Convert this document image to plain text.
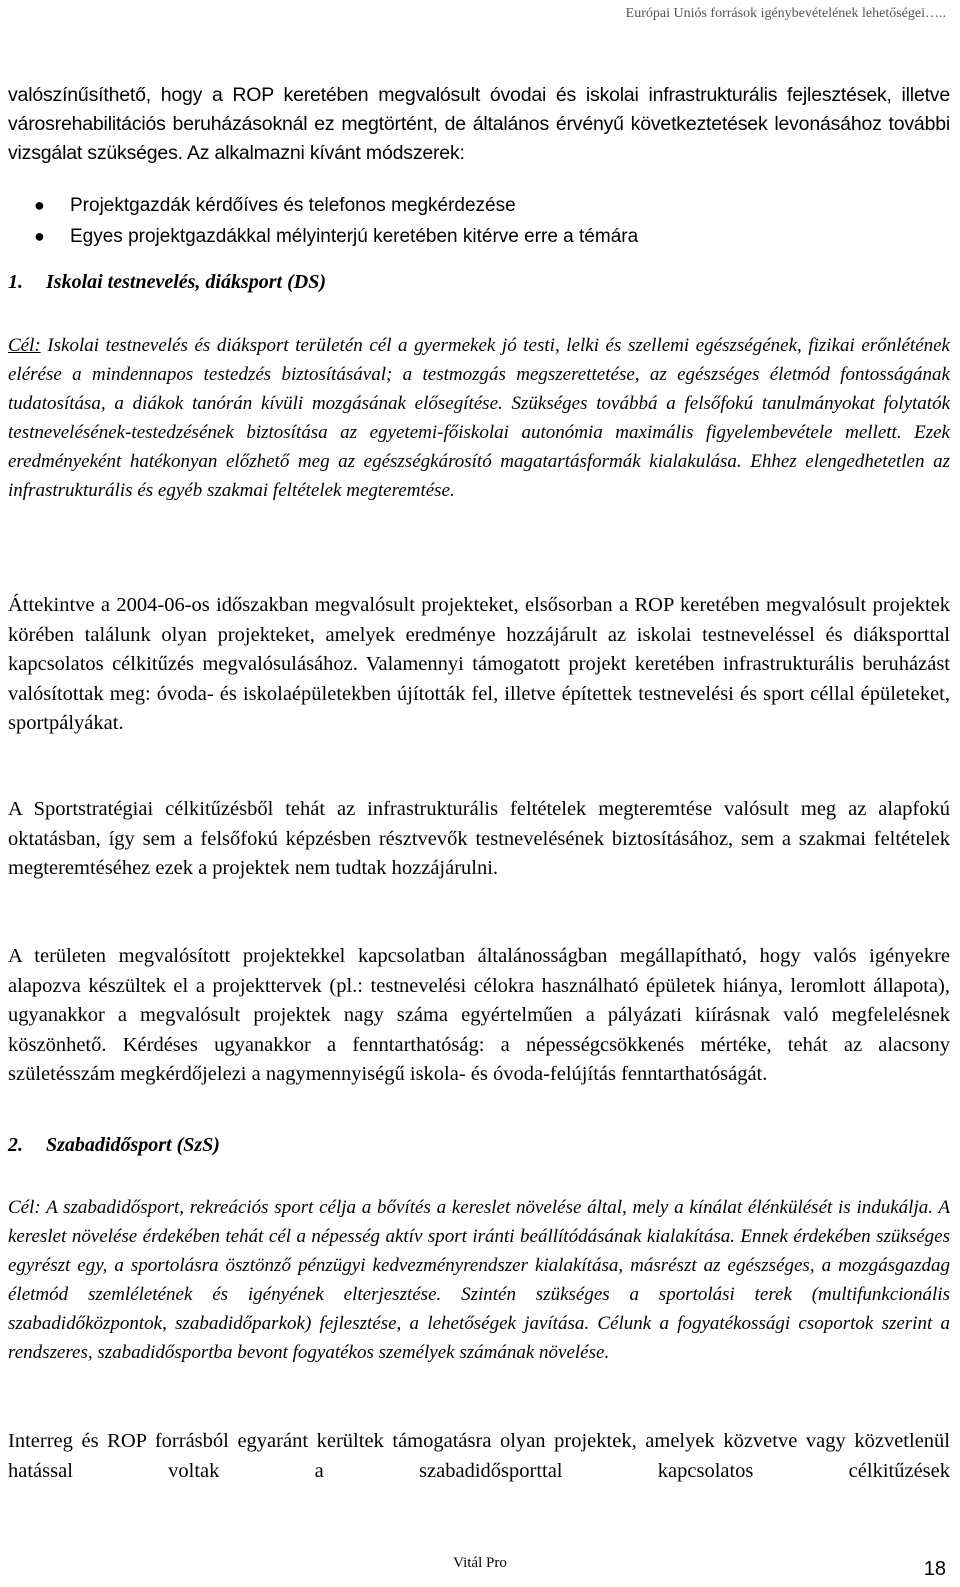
Európai Uniós források igénybevételének lehetőségei…..

valószínűsíthető, hogy a ROP keretében megvalósult óvodai és iskolai infrastrukturális fejlesztések, illetve városrehabilitációs beruházásoknál ez megtörtént, de általános érvényű következtetések levonásához további vizsgálat szükséges. Az alkalmazni kívánt módszerek:

● Projektgazdák kérdőíves és telefonos megkérdezése
● Egyes projektgazdákkal mélyinterjú keretében kitérve erre a témára
1. Iskolai testnevelés, diáksport (DS)

Cél: Iskolai testnevelés és diáksport területén cél a gyermekek jó testi, lelki és szellemi egészségének, fizikai erőnlétének elérése a mindennapos testedzés biztosításával; a testmozgás megszerettetése, az egészséges életmód fontosságának tudatosítása, a diákok tanórán kívüli mozgásának elősegítése. Szükséges továbbá a felsőfokú tanulmányokat folytatók testnevelésének-testedzésének biztosítása az egyetemi-főiskolai autonómia maximális figyelembevétele mellett. Ezek eredményeként hatékonyan előzhető meg az egészségkárosító magatartásformák kialakulása. Ehhez elengedhetetlen az infrastrukturális és egyéb szakmai feltételek megteremtése.

Áttekintve a 2004-06-os időszakban megvalósult projekteket, elsősorban a ROP keretében megvalósult projektek körében találunk olyan projekteket, amelyek eredménye hozzájárult az iskolai testneveléssel és diáksporttal kapcsolatos célkitűzés megvalósulásához. Valamennyi támogatott projekt keretében infrastrukturális beruházást valósítottak meg: óvoda- és iskolaépületekben újították fel, illetve építettek testnevelési és sport céllal épületeket, sportpályákat.

A Sportstratégiai célkitűzésből tehát az infrastrukturális feltételek megteremtése valósult meg az alapfokú oktatásban, így sem a felsőfokú képzésben résztvevők testnevelésének biztosításához, sem a szakmai feltételek megteremtéséhez ezek a projektek nem tudtak hozzájárulni.

A területen megvalósított projektekkel kapcsolatban általánosságban megállapítható, hogy valós igényekre alapozva készültek el a projekttervek (pl.: testnevelési célokra használható épületek hiánya, leromlott állapota), ugyanakkor a megvalósult projektek nagy száma egyértelműen a pályázati kiírásnak való megfelelésnek köszönhető. Kérdéses ugyanakkor a fenntarthatóság: a népességcsökkenés mértéke, tehát az alacsony születésszám megkérdőjelezi a nagymennyiségű iskola- és óvoda-felújítás fenntarthatóságát.

2. Szabadidősport (SzS)

Cél: A szabadidősport, rekreációs sport célja a bővítés a kereslet növelése által, mely a kínálat élénkülését is indukálja. A kereslet növelése érdekében tehát cél a népesség aktív sport iránti beállítódásának kialakítása. Ennek érdekében szükséges egyrészt egy, a sportolásra ösztönző pénzügyi kedvezményrendszer kialakítása, másrészt az egészséges, a mozgásgazdag életmód szemléletének és igényének elterjesztése. Szintén szükséges a sportolási terek (multifunkcionális szabadidőközpontok, szabadidőparkok) fejlesztése, a lehetőségek javítása. Célunk a fogyatékossági csoportok szerint a rendszeres, szabadidősportba bevont fogyatékos személyek számának növelése.

Interreg és ROP forrásból egyaránt kerültek támogatásra olyan projektek, amelyek közvetve vagy közvetlenül hatással voltak a szabadidősporttal kapcsolatos célkitűzések

Vitál Pro	18
